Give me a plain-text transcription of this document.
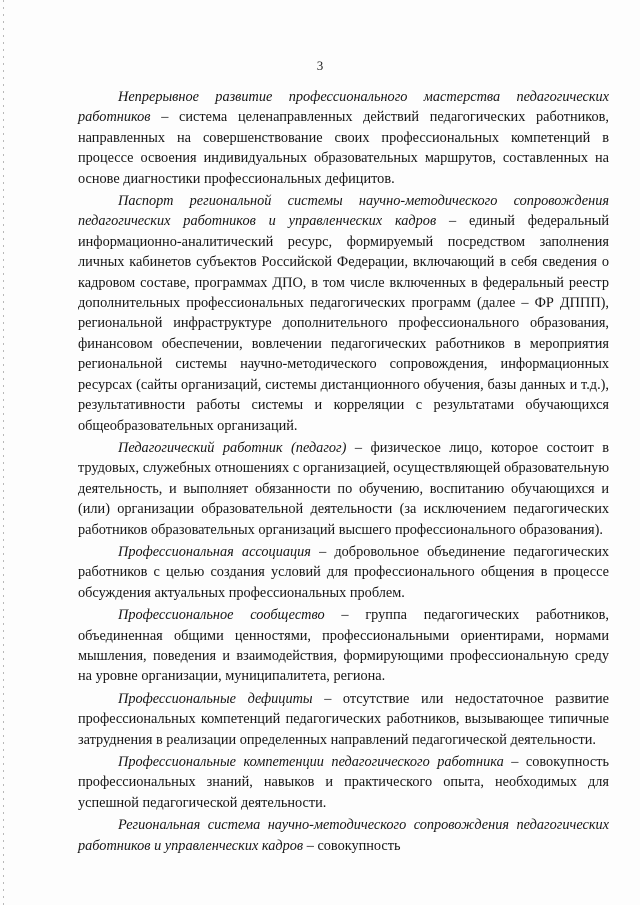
3

Непрерывное развитие профессионального мастерства педагогических работников – система целенаправленных действий педагогических работников, направленных на совершенствование своих профессиональных компетенций в процессе освоения индивидуальных образовательных маршрутов, составленных на основе диагностики профессиональных дефицитов.

Паспорт региональной системы научно-методического сопровождения педагогических работников и управленческих кадров – единый федеральный информационно-аналитический ресурс, формируемый посредством заполнения личных кабинетов субъектов Российской Федерации, включающий в себя сведения о кадровом составе, программах ДПО, в том числе включенных в федеральный реестр дополнительных профессиональных педагогических программ (далее – ФР ДППП), региональной инфраструктуре дополнительного профессионального образования, финансовом обеспечении, вовлечении педагогических работников в мероприятия региональной системы научно-методического сопровождения, информационных ресурсах (сайты организаций, системы дистанционного обучения, базы данных и т.д.), результативности работы системы и корреляции с результатами обучающихся общеобразовательных организаций.

Педагогический работник (педагог) – физическое лицо, которое состоит в трудовых, служебных отношениях с организацией, осуществляющей образовательную деятельность, и выполняет обязанности по обучению, воспитанию обучающихся и (или) организации образовательной деятельности (за исключением педагогических работников образовательных организаций высшего профессионального образования).

Профессиональная ассоциация – добровольное объединение педагогических работников с целью создания условий для профессионального общения в процессе обсуждения актуальных профессиональных проблем.

Профессиональное сообщество – группа педагогических работников, объединенная общими ценностями, профессиональными ориентирами, нормами мышления, поведения и взаимодействия, формирующими профессиональную среду на уровне организации, муниципалитета, региона.

Профессиональные дефициты – отсутствие или недостаточное развитие профессиональных компетенций педагогических работников, вызывающее типичные затруднения в реализации определенных направлений педагогической деятельности.

Профессиональные компетенции педагогического работника – совокупность профессиональных знаний, навыков и практического опыта, необходимых для успешной педагогической деятельности.

Региональная система научно-методического сопровождения педагогических работников и управленческих кадров – совокупность
